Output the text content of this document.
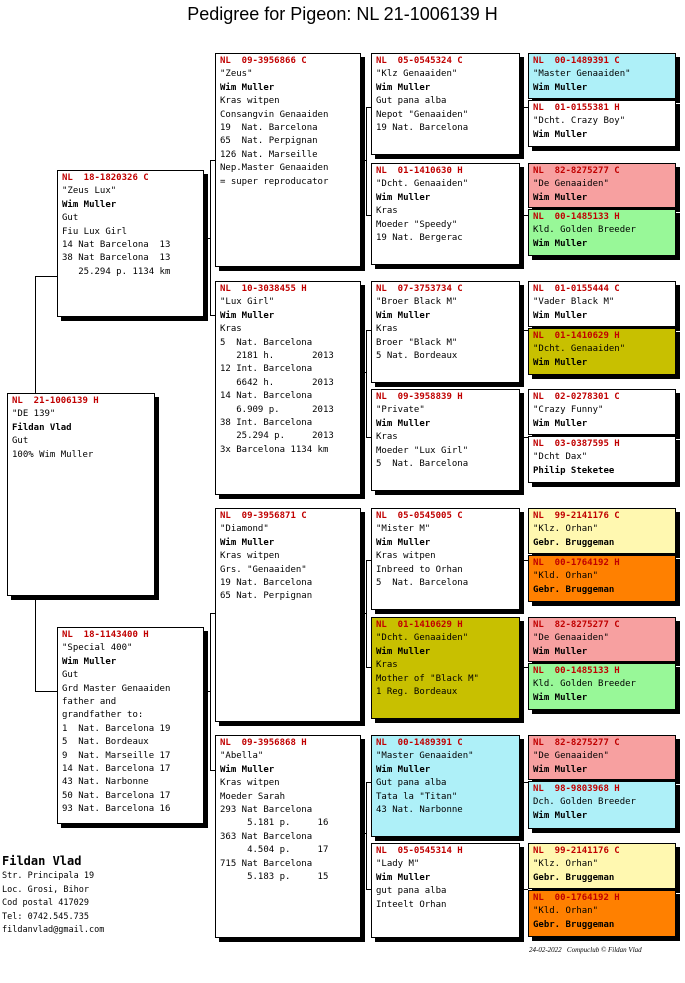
Pedigree for Pigeon: NL 21-1006139 H
NL  21-1006139 H
"DE 139"
Fildan Vlad
Gut
100% Wim Muller
NL  18-1820326 C
"Zeus Lux"
Wim Muller
Gut
Fiu Lux Girl
14 Nat Barcelona  13
38 Nat Barcelona  13
25.294 p. 1134 km
NL  18-1143400 H
"Special 400"
Wim Muller
Gut
Grd Master Genaaiden
father and
grandfather to:
1  Nat. Barcelona 19
5  Nat. Bordeaux
9  Nat. Marseille 17
14 Nat. Barcelona 17
43 Nat. Narbonne
50 Nat. Barcelona 17
93 Nat. Barcelona 16
NL  09-3956866 C
"Zeus"
Wim Muller
Kras witpen
Consangvin Genaaiden
19  Nat. Barcelona
65  Nat. Perpignan
126 Nat. Marseille
Nep.Master Genaaiden
= super reproducator
NL  10-3038455 H
"Lux Girl"
Wim Muller
Kras
5  Nat. Barcelona
2181 h.       2013
12 Int. Barcelona
6642 h.       2013
14 Nat. Barcelona
6.909 p.      2013
38 Int. Barcelona
25.294 p.     2013
3x Barcelona 1134 km
NL  09-3956871 C
"Diamond"
Wim Muller
Kras witpen
Grs. "Genaaiden"
19 Nat. Barcelona
65 Nat. Perpignan
NL  09-3956868 H
"Abella"
Wim Muller
Kras witpen
Moeder Sarah
293 Nat Barcelona
5.181 p.     16
363 Nat Barcelona
4.504 p.     17
715 Nat Barcelona
5.183 p.     15
NL  05-0545324 C
"Klz Genaaiden"
Wim Muller
Gut pana alba
Nepot "Genaaiden"
19 Nat. Barcelona
NL  01-1410630 H
"Dcht. Genaaiden"
Wim Muller
Kras
Moeder "Speedy"
19 Nat. Bergerac
NL  07-3753734 C
"Broer Black M"
Wim Muller
Kras
Broer "Black M"
5 Nat. Bordeaux
NL  09-3958839 H
"Private"
Wim Muller
Kras
Moeder "Lux Girl"
5  Nat. Barcelona
NL  05-0545005 C
"Mister M"
Wim Muller
Kras witpen
Inbreed to Orhan
5  Nat. Barcelona
NL  01-1410629 H
"Dcht. Genaaiden"
Wim Muller
Kras
Mother of "Black M"
1 Reg. Bordeaux
NL  00-1489391 C
"Master Genaaiden"
Wim Muller
Gut pana alba
Tata la "Titan"
43 Nat. Narbonne
NL  05-0545314 H
"Lady M"
Wim Muller
gut pana alba
Inteelt Orhan
NL  00-1489391 C
"Master Genaaiden"
Wim Muller
NL  01-0155381 H
"Dcht. Crazy Boy"
Wim Muller
NL  82-8275277 C
"De Genaaiden"
Wim Muller
NL  00-1485133 H
Kld. Golden Breeder
Wim Muller
NL  01-0155444 C
"Vader Black M"
Wim Muller
NL  01-1410629 H
"Dcht. Genaaiden"
Wim Muller
NL  02-0278301 C
"Crazy Funny"
Wim Muller
NL  03-0387595 H
"Dcht Dax"
Philip Steketee
NL  99-2141176 C
"Klz. Orhan"
Gebr. Bruggeman
NL  00-1764192 H
"Kld. Orhan"
Gebr. Bruggeman
NL  82-8275277 C
"De Genaaiden"
Wim Muller
NL  00-1485133 H
Kld. Golden Breeder
Wim Muller
NL  82-8275277 C
"De Genaaiden"
Wim Muller
NL  98-9803968 H
Dch. Golden Breeder
Wim Muller
NL  99-2141176 C
"Klz. Orhan"
Gebr. Bruggeman
NL  00-1764192 H
"Kld. Orhan"
Gebr. Bruggeman
Fildan Vlad
Str. Principala 19
Loc. Grosi, Bihor
Cod postal 417029
Tel: 0742.545.735
fildanvlad@gmail.com
24-02-2022   Compuclub © Fildan Vlad
